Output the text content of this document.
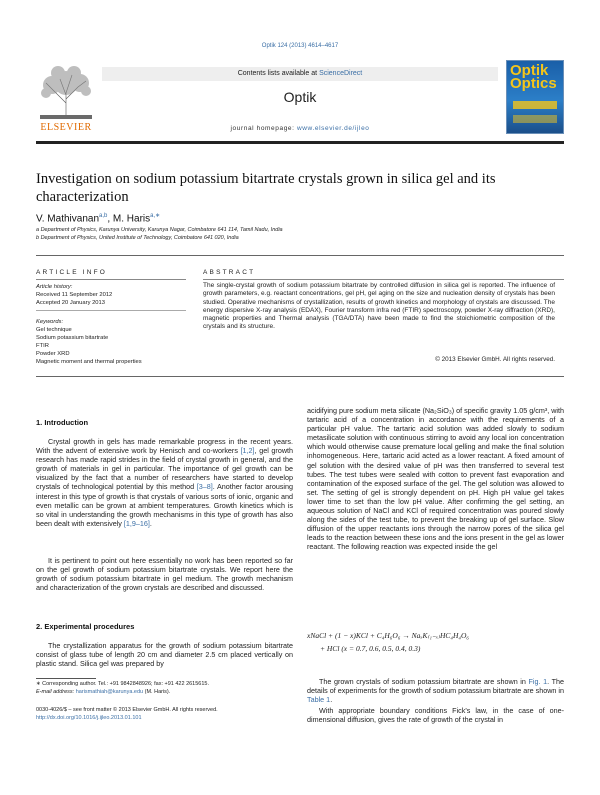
Optik 124 (2013) 4614–4617
ELSEVIER
Contents lists available at ScienceDirect
Optik
journal homepage: www.elsevier.de/ijleo
Optik
Optics
Investigation on sodium potassium bitartrate crystals grown in silica gel and its characterization
V. Mathivanan$^{a,b}$, M. Haris$^{a,∗}$
a Department of Physics, Karunya University, Karunya Nagar, Coimbatore 641 114, Tamil Nadu, India
b Department of Physics, United Institute of Technology, Coimbatore 641 020, India
ARTICLE INFO	ABSTRACT
Article history:
Received 11 September 2012
Accepted 20 January 2013
Keywords:
Gel technique
Sodium potassium bitartrate
FTIR
Powder XRD
Magnetic moment and thermal properties
The single-crystal growth of sodium potassium bitartrate by controlled diffusion in silica gel is reported. The influence of growth parameters, e.g. reactant concentrations, gel pH, gel aging on the size and nucleation density of crystals has been studied. Operative mechanisms of crystallization, results of growth kinetics and morphology of crystals are discussed. The energy dispersive X-ray analysis (EDAX), Fourier transform infra red (FTIR) spectroscopy, powder X-ray diffraction (XRD), magnetic properties and Thermal analysis (TGA/DTA) have been made to find the stoichiometric composition of the crystals and its structure.
© 2013 Elsevier GmbH. All rights reserved.
1. Introduction
Crystal growth in gels has made remarkable progress in the recent years. With the advent of extensive work by Henisch and co-workers [1,2], gel growth research has made rapid strides in the field of crystal growth in general, and the growth of materials in gel in particular. The importance of gel growth can be visualized by the fact that a number of researchers have started to develop crystals of technological potential by this method [3–8]. Another factor arousing interest in this type of growth is that crystals of various sorts of ionic, organic and even metallic can be grown at ambient temperatures. Growth kinetics which is so vital in understanding the growth mechanisms in this type of growth has also been dealt with extensively [1,9–16].
It is pertinent to point out here essentially no work has been reported so far on the gel growth of sodium potassium bitartrate crystals. We report here the growth of sodium potassium bitartrate in gel medium. The growth mechanism and characterization of the grown crystals are described and discussed.
2. Experimental procedures
The crystallization apparatus for the growth of sodium potassium bitartrate consist of glass tube of length 20 cm and diameter 2.5 cm placed vertically on plastic stand. Silica gel was prepared by
∗ Corresponding author. Tel.: +91 9842848926; fax: +91 422 2615615.
E-mail address: harismathiah@karunya.edu (M. Haris).
0030-4026/$ – see front matter © 2013 Elsevier GmbH. All rights reserved.
http://dx.doi.org/10.1016/j.ijleo.2013.01.101
acidifying pure sodium meta silicate (Na₂SiO₃) of specific gravity 1.05 g/cm³, with tartaric acid of a concentration in accordance with the requirements of a particular pH value. The tartaric acid solution was added slowly to sodium metasilicate solution with continuous stirring to avoid any local ion concentration which would otherwise cause premature local gelling and make the final solution inhomogeneous. Here, tartaric acid acted as a lower reactant. A fixed amount of gel solution with the desired value of pH was then transferred to several test tubes. The test tubes were sealed with cotton to prevent fast evaporation and contamination of the exposed surface of the gel. The gel solution was allowed to set. The setting of gel is strongly dependent on pH. High pH value gel takes lower time to set than the low pH value. After confirming the gel setting, an aqueous solution of NaCl and KCl of required concentration was poured slowly along the sides of the test tube, to prevent the breaking up of gel surface. Slow diffusion of the upper reactants ions through the narrow pores of the silica gel leads to the reaction between these ions and the ions present in the gel as lower reactant. The following reaction was expected inside the gel
xNaCl + (1 − x)KCl + C₄H₆O₆ → NaₓK₍₁₋ₓ₎HC₄H₄O₆
+ HCl (x = 0.7, 0.6, 0.5, 0.4, 0.3)
The grown crystals of sodium potassium bitartrate are shown in Fig. 1. The details of experiments for the growth of sodium potassium bitartrate are shown in Table 1.
With appropriate boundary conditions Fick's law, in the case of one-dimensional diffusion, gives the rate of growth of the crystal in
